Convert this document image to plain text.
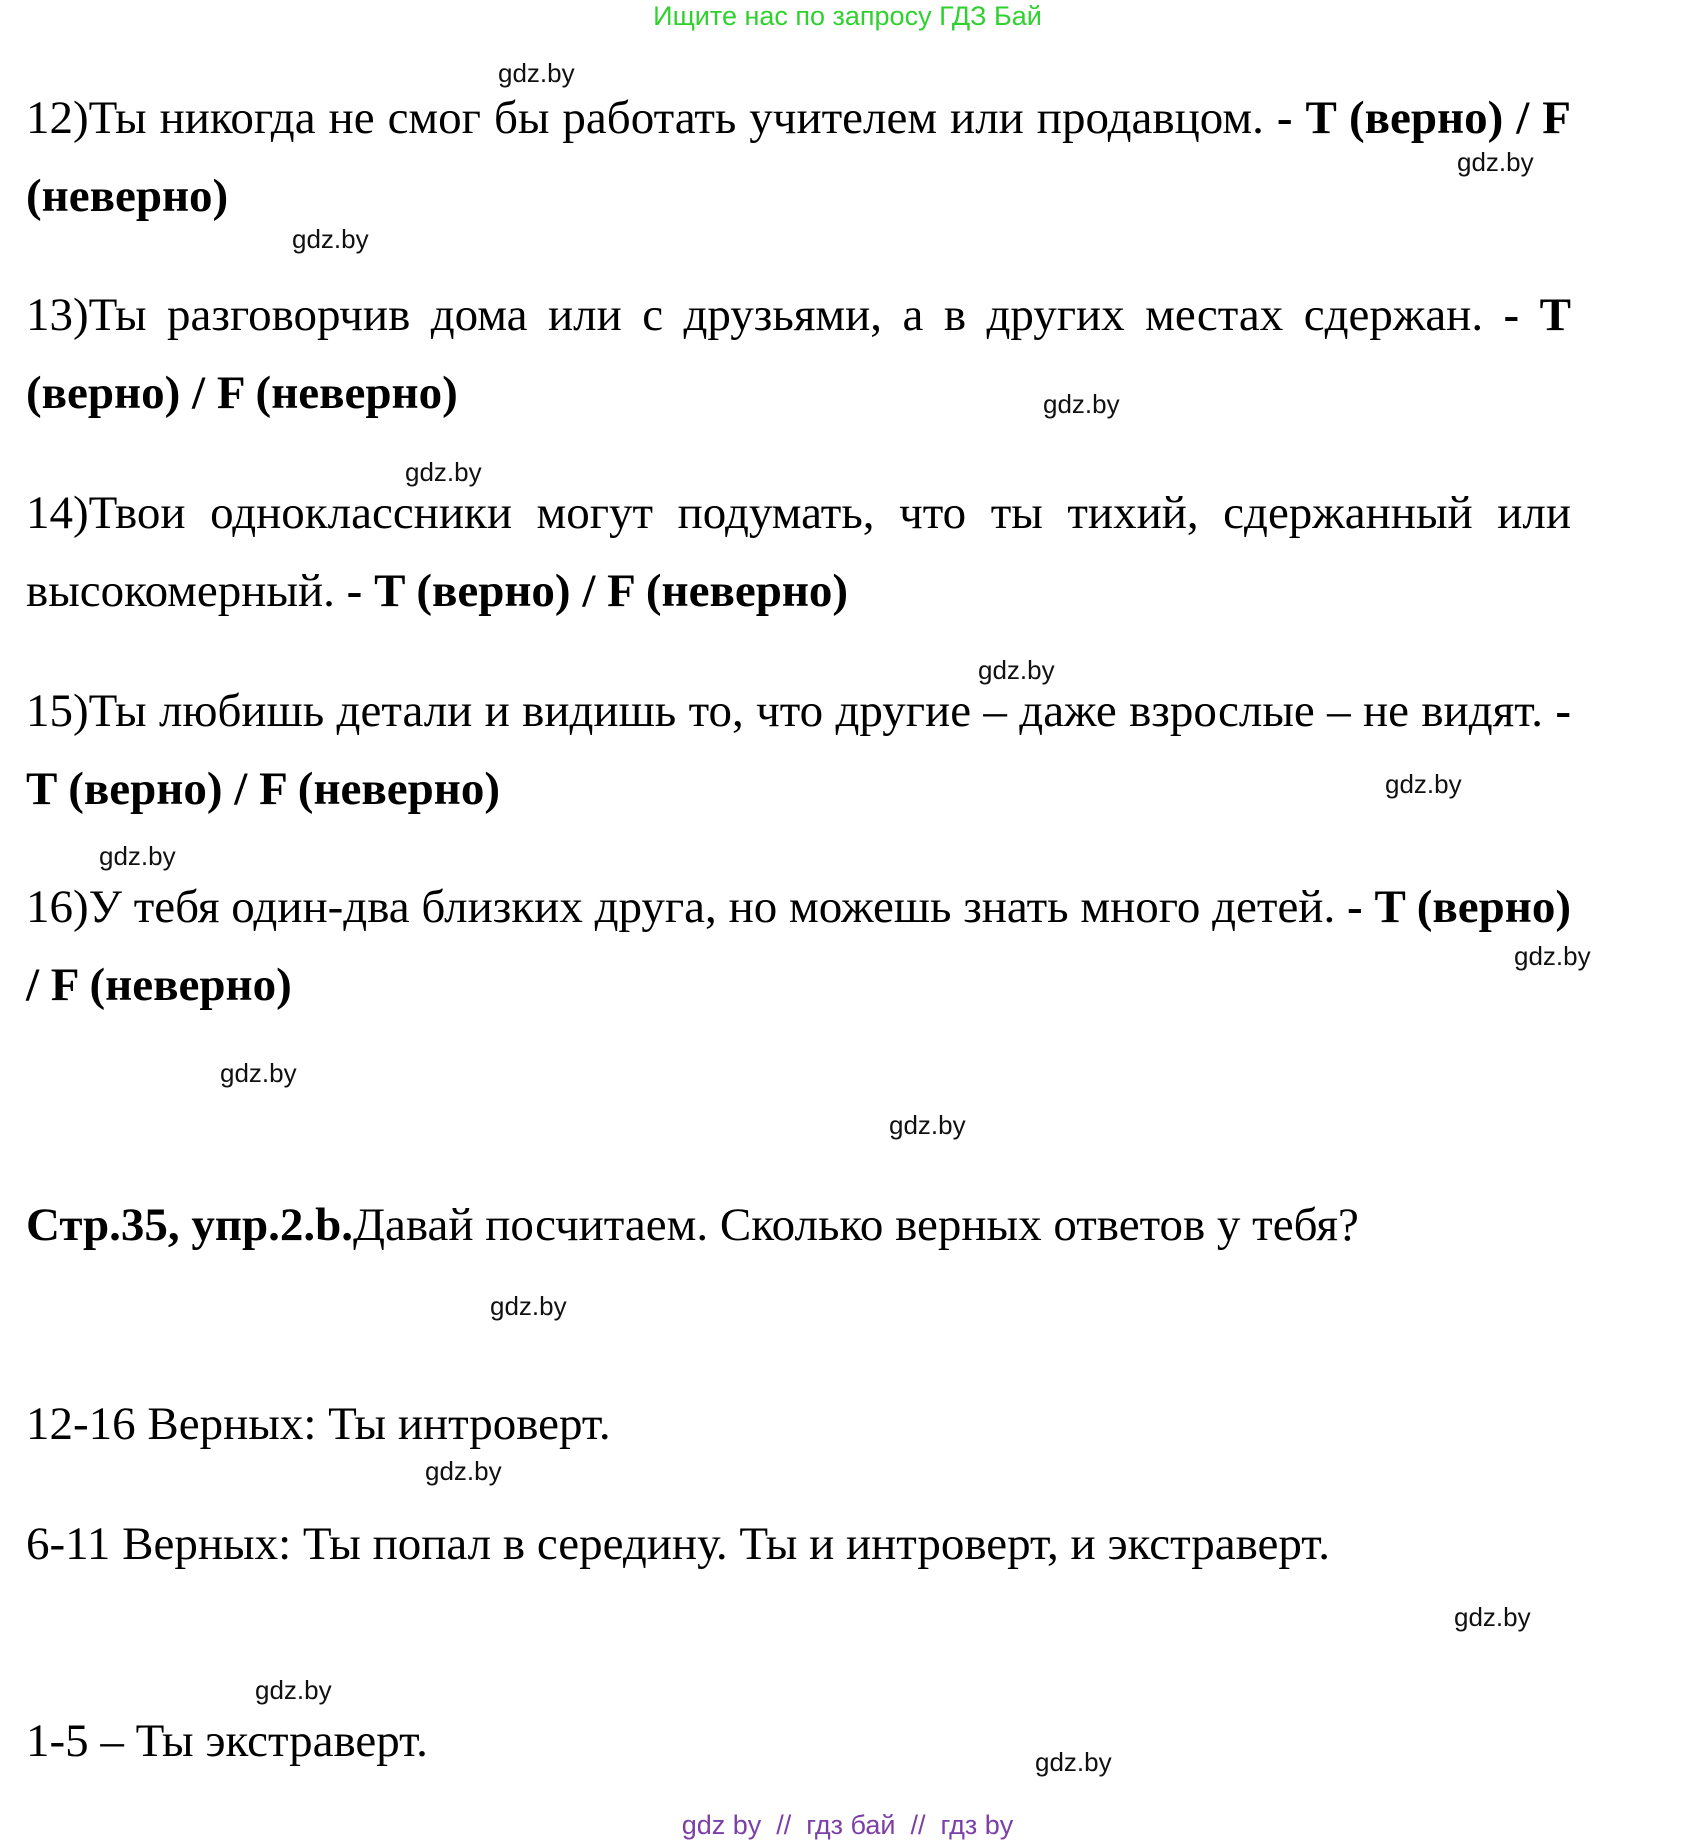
Ищите нас по запросу ГДЗ Бай
12)Ты никогда не смог бы работать учителем или продавцом. - T (верно) / F (неверно)
13)Ты разговорчив дома или с друзьями, а в других местах сдержан. - T (верно) / F (неверно)
14)Твои одноклассники могут подумать, что ты тихий, сдержанный или высокомерный. - T (верно) / F (неверно)
15)Ты любишь детали и видишь то, что другие – даже взрослые – не видят. - T (верно) / F (неверно)
16)У тебя один-два близких друга, но можешь знать много детей. - T (верно) / F (неверно)
Стр.35, упр.2.b.Давай посчитаем. Сколько верных ответов у тебя?
12-16 Верных: Ты интроверт.
6-11 Верных: Ты попал в середину. Ты и интроверт, и экстраверт.
1-5 – Ты экстраверт.
gdz.by
gdz.by
gdz.by
gdz.by
gdz.by
gdz.by
gdz.by
gdz.by
gdz.by
gdz.by
gdz.by
gdz.by
gdz.by
gdz.by
gdz.by
gdz.by
gdz by  //  гдз бай  //  гдз by
